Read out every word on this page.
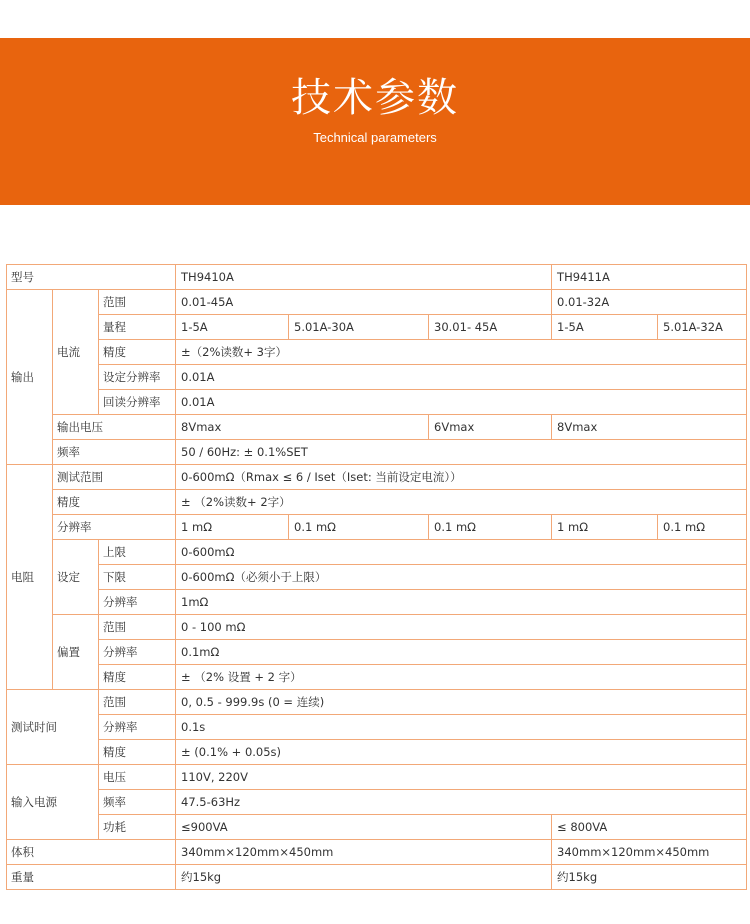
技术参数
Technical parameters
型号			TH9410A			TH9411A	
输出	电流	范围	0.01-45A			0.01-32A	
		量程	1-5A	5.01A-30A	30.01- 45A	1-5A	5.01A-32A
		精度	±（2%读数+ 3字）				
		设定分辨率	0.01A				
		回读分辨率	0.01A				
	输出电压		8Vmax		6Vmax	8Vmax	
	频率		50 / 60Hz: ± 0.1%SET				
电阻	测试范围		0-600mΩ（Rmax ≤ 6 / Iset（Iset: 当前设定电流））				
	精度		± （2%读数+ 2字）				
	分辨率		1 mΩ	0.1 mΩ	0.1 mΩ	1 mΩ	0.1 mΩ
	设定	上限	0-600mΩ				
		下限	0-600mΩ（必须小于上限）				
		分辨率	1mΩ				
	偏置	范围	0 - 100 mΩ				
		分辨率	0.1mΩ				
		精度	± （2% 设置 + 2 字）				
测试时间		范围	0, 0.5 - 999.9s (0 = 连续)				
		分辨率	0.1s				
		精度	± (0.1% + 0.05s)				
输入电源		电压	110V, 220V				
		频率	47.5-63Hz				
		功耗	≤900VA			≤ 800VA	
体积			340mm×120mm×450mm			340mm×120mm×450mm	
重量			约15kg			约15kg	
